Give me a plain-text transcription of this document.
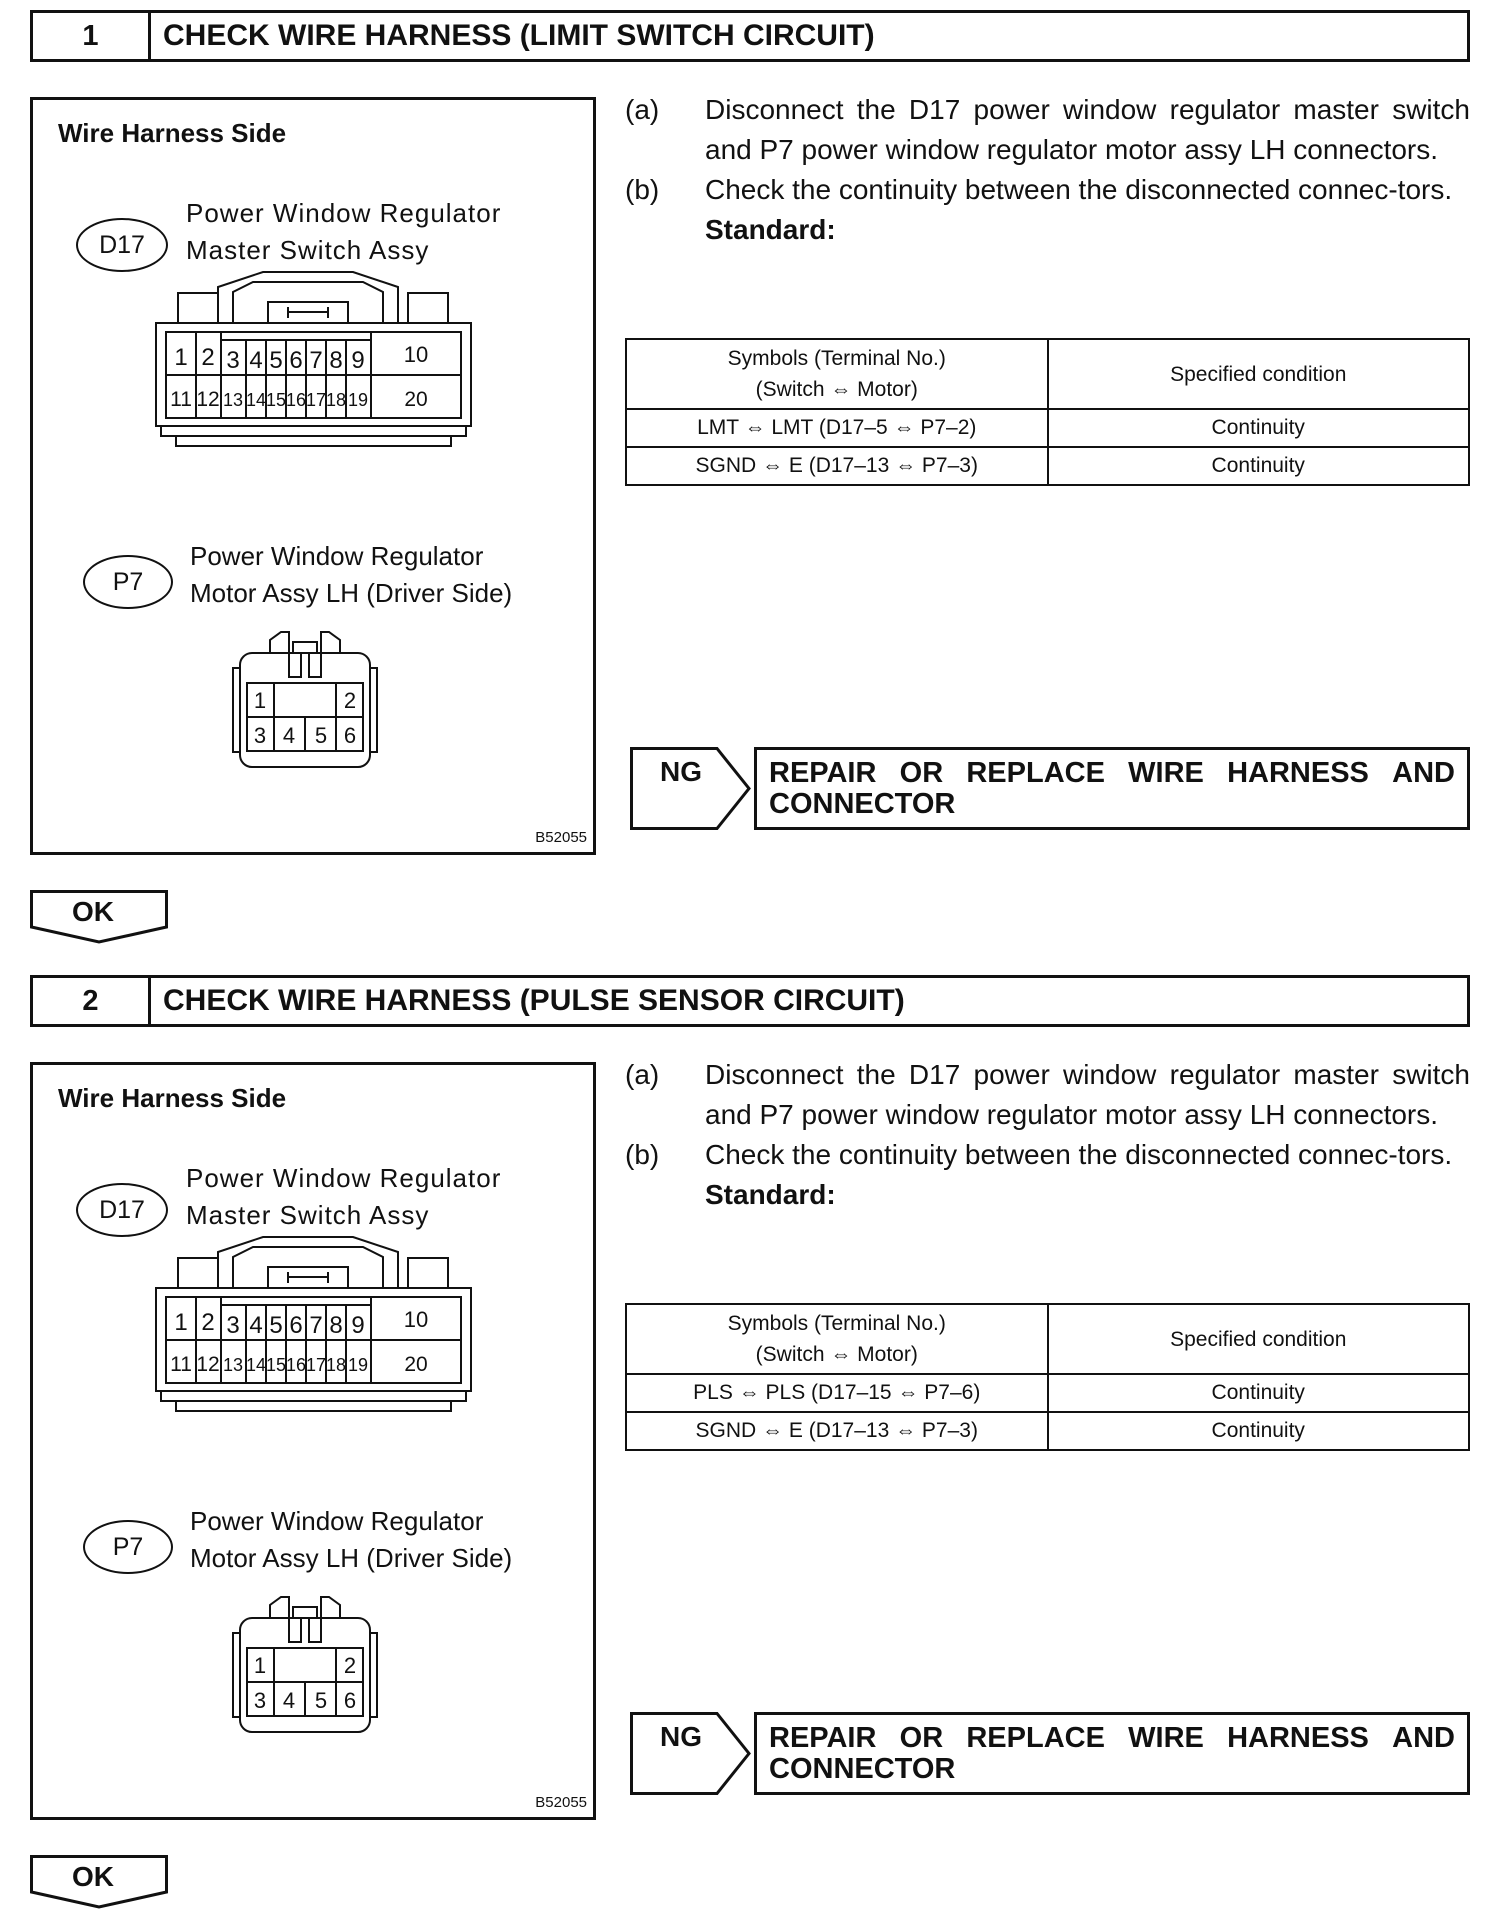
1	CHECK WIRE HARNESS (LIMIT SWITCH CIRCUIT)
Wire Harness Side
D17
Power Window Regulator
Master Switch Assy
1 2 3 4 5 6 7 8 9 10
11 12 13 14 15 16 17 18 19 20
1	2
3 4 5 6
P7
Power Window Regulator
Motor Assy LH (Driver Side)
B52055
(a) Disconnect the D17 power window regulator master switch and P7 power window regulator motor assy LH connectors.
(b) Check the continuity between the disconnected connec-tors.
Standard:
Symbols (Terminal No.)
(Switch ⇔ Motor)	Specified condition
LMT ⇔ LMT (D17–5 ⇔ P7–2)	Continuity
SGND ⇔ E (D17–13 ⇔ P7–3)	Continuity
NG REPAIR OR REPLACE WIRE HARNESS AND
CONNECTOR
OK
2	CHECK WIRE HARNESS (PULSE SENSOR CIRCUIT)
Wire Harness Side
D17
Power Window Regulator
Master Switch Assy
1 2 3 4 5 6 7 8 9 10
11 12 13 14 15 16 17 18 19 20
1	2
3 4 5 6
P7
Power Window Regulator
Motor Assy LH (Driver Side)
B52055
(a) Disconnect the D17 power window regulator master switch and P7 power window regulator motor assy LH connectors.
(b) Check the continuity between the disconnected connec-tors.
Standard:
Symbols (Terminal No.)
(Switch ⇔ Motor)	Specified condition
PLS ⇔ PLS (D17–15 ⇔ P7–6)	Continuity
SGND ⇔ E (D17–13 ⇔ P7–3)	Continuity
NG REPAIR OR REPLACE WIRE HARNESS AND
CONNECTOR
OK
